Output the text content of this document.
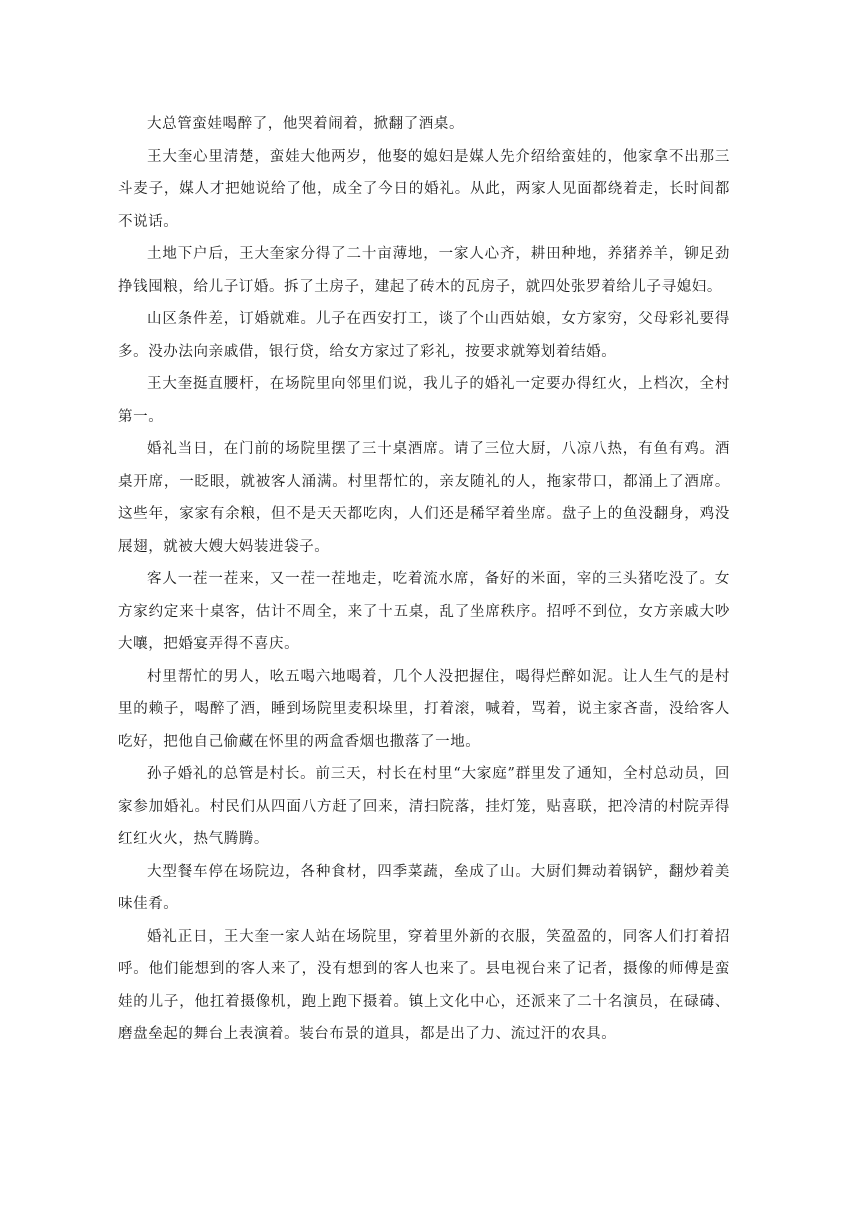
大总管蛮娃喝醉了，他哭着闹着，掀翻了酒桌。

王大奎心里清楚，蛮娃大他两岁，他娶的媳妇是媒人先介绍给蛮娃的，他家拿不出那三斗麦子，媒人才把她说给了他，成全了今日的婚礼。从此，两家人见面都绕着走，长时间都不说话。

土地下户后，王大奎家分得了二十亩薄地，一家人心齐，耕田种地，养猪养羊，铆足劲挣钱囤粮，给儿子订婚。拆了土房子，建起了砖木的瓦房子，就四处张罗着给儿子寻媳妇。

山区条件差，订婚就难。儿子在西安打工，谈了个山西姑娘，女方家穷，父母彩礼要得多。没办法向亲戚借，银行贷，给女方家过了彩礼，按要求就筹划着结婚。

王大奎挺直腰杆，在场院里向邻里们说，我儿子的婚礼一定要办得红火，上档次，全村第一。

婚礼当日，在门前的场院里摆了三十桌酒席。请了三位大厨，八凉八热，有鱼有鸡。酒桌开席，一眨眼，就被客人涌满。村里帮忙的，亲友随礼的人，拖家带口，都涌上了酒席。这些年，家家有余粮，但不是天天都吃肉，人们还是稀罕着坐席。盘子上的鱼没翻身，鸡没展翅，就被大嫂大妈装进袋子。

客人一茬一茬来，又一茬一茬地走，吃着流水席，备好的米面，宰的三头猪吃没了。女方家约定来十桌客，估计不周全，来了十五桌，乱了坐席秩序。招呼不到位，女方亲戚大吵大嚷，把婚宴弄得不喜庆。

村里帮忙的男人，吆五喝六地喝着，几个人没把握住，喝得烂醉如泥。让人生气的是村里的赖子，喝醉了酒，睡到场院里麦积垛里，打着滚，喊着，骂着，说主家吝啬，没给客人吃好，把他自己偷藏在怀里的两盒香烟也撒落了一地。

孙子婚礼的总管是村长。前三天，村长在村里“大家庭”群里发了通知，全村总动员，回家参加婚礼。村民们从四面八方赶了回来，清扫院落，挂灯笼，贴喜联，把冷清的村院弄得红红火火，热气腾腾。

大型餐车停在场院边，各种食材，四季菜蔬，垒成了山。大厨们舞动着锅铲，翻炒着美味佳肴。

婚礼正日，王大奎一家人站在场院里，穿着里外新的衣服，笑盈盈的，同客人们打着招呼。他们能想到的客人来了，没有想到的客人也来了。县电视台来了记者，摄像的师傅是蛮娃的儿子，他扛着摄像机，跑上跑下摄着。镇上文化中心，还派来了二十名演员，在碌碡、磨盘垒起的舞台上表演着。装台布景的道具，都是出了力、流过汗的农具。
